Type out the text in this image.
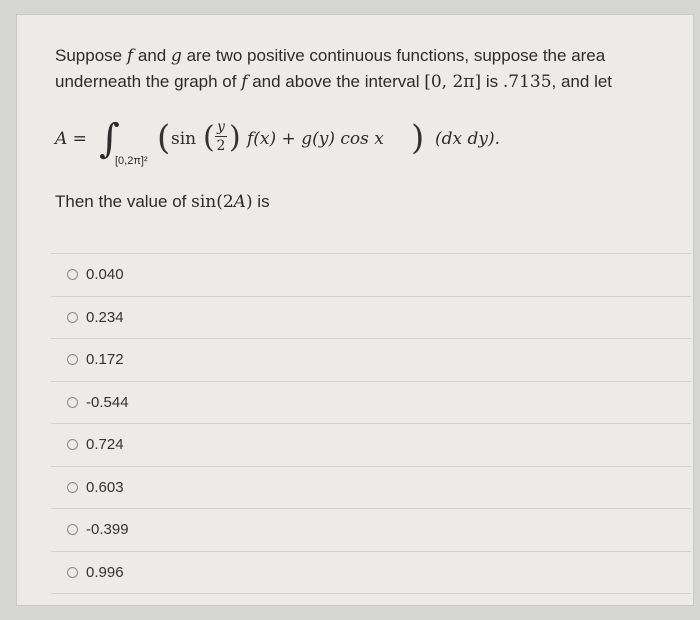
Suppose f and g are two positive continuous functions, suppose the area underneath the graph of f and above the interval [0, 2π] is .7135, and let
A = ∫
[0,2π]²
( sin ( y
2 ) f(x) + g(y) cos x ) (dx dy).
Then the value of sin(2A) is
0.040
0.234
0.172
-0.544
0.724
0.603
-0.399
0.996
